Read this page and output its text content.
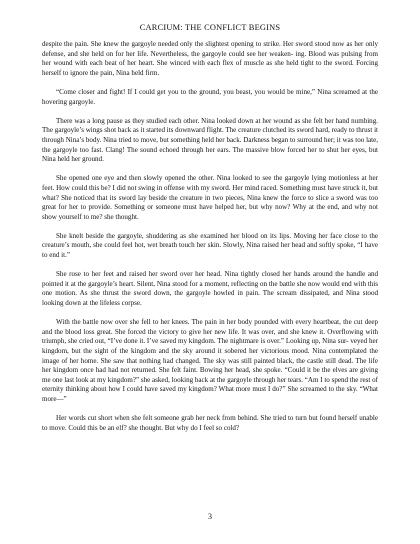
CARCIUM: THE CONFLICT BEGINS

despite the pain. She knew the gargoyle needed only the slightest opening to strike. Her sword stood now as her only defense, and she held on for her life. Nevertheless, the gargoyle could see her weaken- ing. Blood was pulsing from her wound with each beat of her heart. She winced with each flex of muscle as she held tight to the sword. Forcing herself to ignore the pain, Nina held firm.

“Come closer and fight! If I could get you to the ground, you beast, you would be mine,” Nina screamed at the hovering gargoyle.

There was a long pause as they studied each other. Nina looked down at her wound as she felt her hand numbing. The gargoyle’s wings shot back as it started its downward flight. The creature clutched its sword hard, ready to thrust it through Nina’s body. Nina tried to move, but something held her back. Darkness began to surround her; it was too late, the gargoyle too fast. Clang! The sound echoed through her ears. The massive blow forced her to shut her eyes, but Nina held her ground.

She opened one eye and then slowly opened the other. Nina looked to see the gargoyle lying motionless at her feet. How could this be? I did not swing in offense with my sword. Her mind raced. Something must have struck it, but what? She noticed that its sword lay beside the creature in two pieces, Nina knew the force to slice a sword was too great for her to provide. Something or someone must have helped her, but why now? Why at the end, and why not show yourself to me? she thought.

She knelt beside the gargoyle, shuddering as she examined her blood on its lips. Moving her face close to the creature’s mouth, she could feel hot, wet breath touch her skin. Slowly, Nina raised her head and softly spoke, “I have to end it.”

She rose to her feet and raised her sword over her head. Nina tightly closed her hands around the handle and pointed it at the gargoyle’s heart. Silent, Nina stood for a moment, reflecting on the battle she now would end with this one motion. As she thrust the sword down, the gargoyle howled in pain. The scream dissipated, and Nina stood looking down at the lifeless corpse.

With the battle now over she fell to her knees. The pain in her body pounded with every heartbeat, the cut deep and the blood loss great. She forced the victory to give her new life. It was over, and she knew it. Overflowing with triumph, she cried out, “I’ve done it. I’ve saved my kingdom. The nightmare is over.” Looking up, Nina sur- veyed her kingdom, but the sight of the kingdom and the sky around it sobered her victorious mood. Nina contemplated the image of her home. She saw that nothing had changed. The sky was still painted black, the castle still dead. The life her kingdom once had had not returned. She felt faint. Bowing her head, she spoke. “Could it be the elves are giving me one last look at my kingdom?” she asked, looking back at the gargoyle through her tears. “Am I to spend the rest of eternity thinking about how I could have saved my kingdom? What more must I do?” She screamed to the sky. “What more—”

Her words cut short when she felt someone grab her neck from behind. She tried to turn but found herself unable to move. Could this be an elf? she thought. But why do I feel so cold?

3
